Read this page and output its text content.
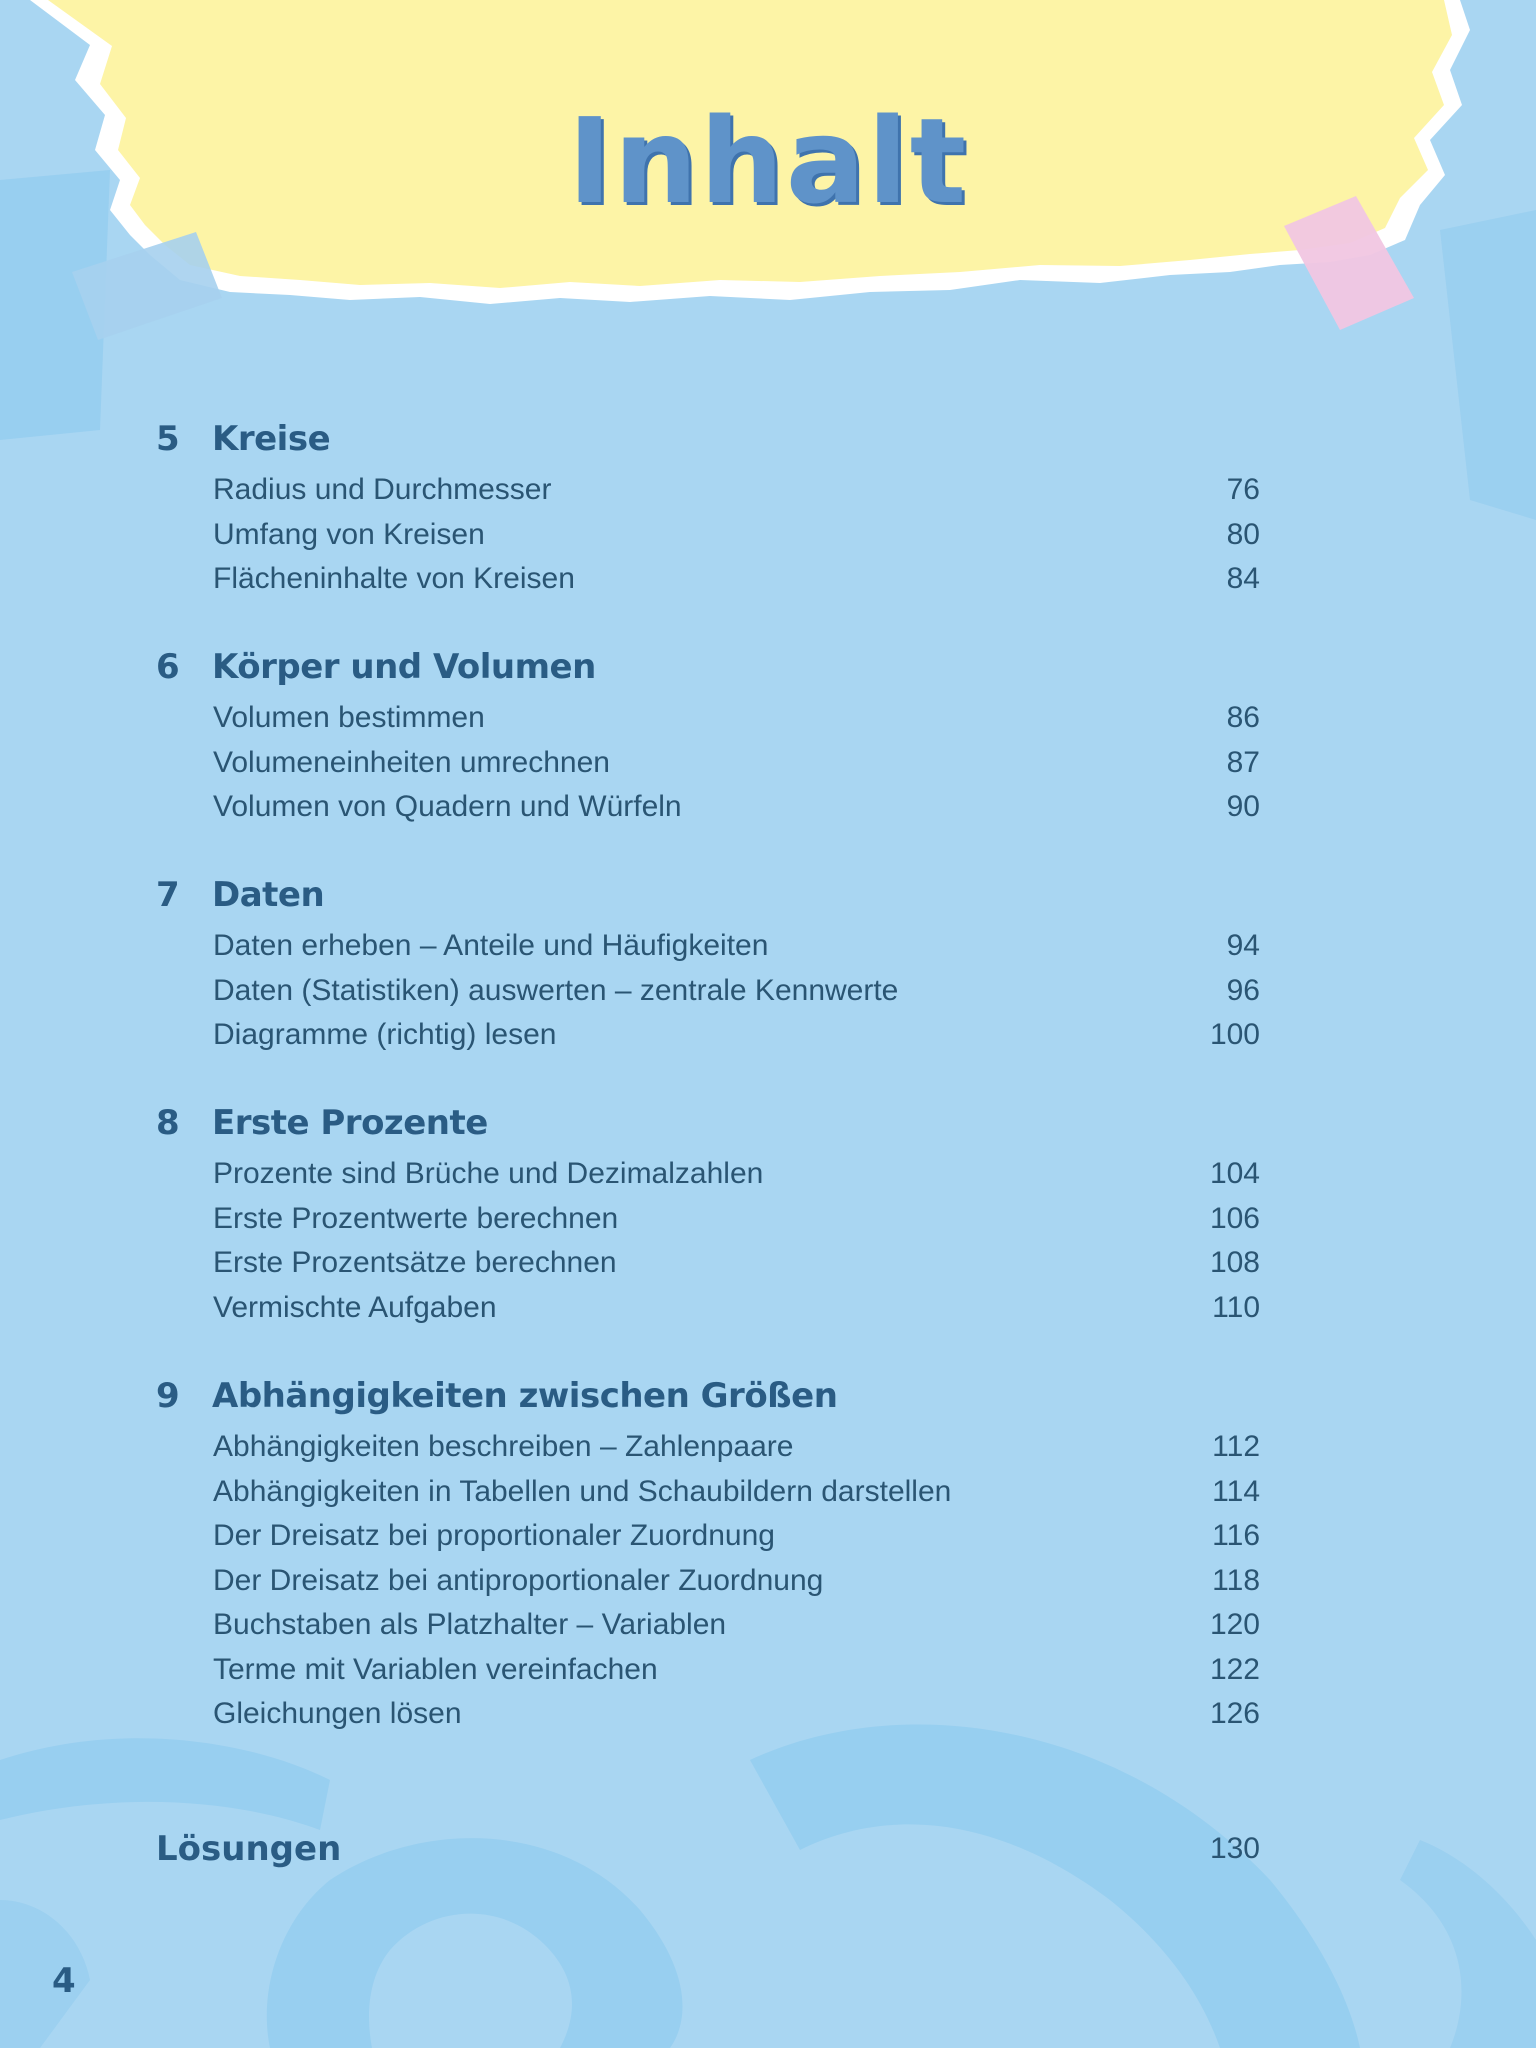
Inhalt
5 Kreise
Radius und Durchmesser	76
Umfang von Kreisen	80
Flächeninhalte von Kreisen	84
6 Körper und Volumen
Volumen bestimmen	86
Volumeneinheiten umrechnen	87
Volumen von Quadern und Würfeln	90
7 Daten
Daten erheben – Anteile und Häufigkeiten	94
Daten (Statistiken) auswerten – zentrale Kennwerte	96
Diagramme (richtig) lesen	100
8 Erste Prozente
Prozente sind Brüche und Dezimalzahlen	104
Erste Prozentwerte berechnen	106
Erste Prozentsätze berechnen	108
Vermischte Aufgaben	110
9 Abhängigkeiten zwischen Größen
Abhängigkeiten beschreiben – Zahlenpaare	112
Abhängigkeiten in Tabellen und Schaubildern darstellen	114
Der Dreisatz bei proportionaler Zuordnung	116
Der Dreisatz bei antiproportionaler Zuordnung	118
Buchstaben als Platzhalter – Variablen	120
Terme mit Variablen vereinfachen	122
Gleichungen lösen	126
Lösungen	130
4
